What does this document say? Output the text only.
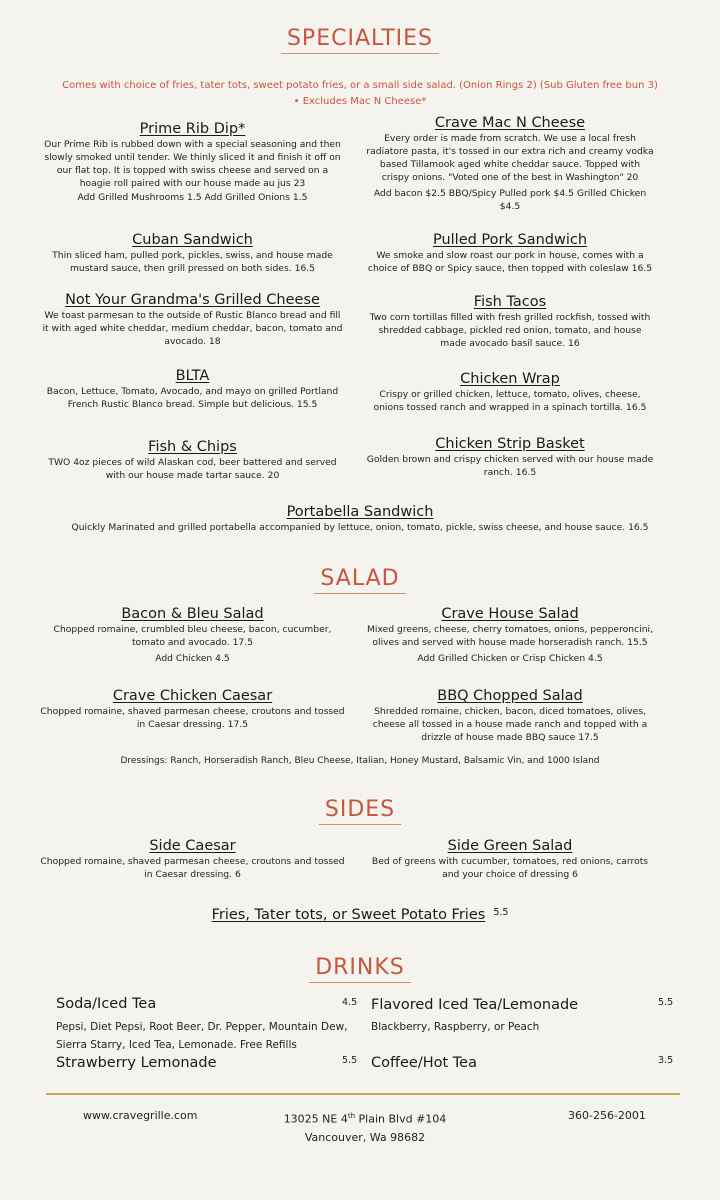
SPECIALTIES
Comes with choice of fries, tater tots, sweet potato fries, or a small side salad. (Onion Rings 2) (Sub Gluten free bun 3)
• Excludes Mac N Cheese*
Prime Rib Dip*

Our Prime Rib is rubbed down with a special seasoning and then slowly smoked until tender. We thinly sliced it and finish it off on our flat top. It is topped with swiss cheese and served on a hoagie roll paired with our house made au jus 23

Add Grilled Mushrooms 1.5 Add Grilled Onions 1.5

Crave Mac N Cheese

Every order is made from scratch. We use a local fresh radiatore pasta, it's tossed in our extra rich and creamy vodka based Tillamook aged white cheddar sauce. Topped with crispy onions. "Voted one of the best in Washington" 20

Add bacon $2.5 BBQ/Spicy Pulled pork $4.5 Grilled Chicken $4.5

Cuban Sandwich

Thin sliced ham, pulled pork, pickles, swiss, and house made mustard sauce, then grill pressed on both sides. 16.5

Pulled Pork Sandwich

We smoke and slow roast our pork in house, comes with a choice of BBQ or Spicy sauce, then topped with coleslaw 16.5

Not Your Grandma's Grilled Cheese

We toast parmesan to the outside of Rustic Blanco bread and fill it with aged white cheddar, medium cheddar, bacon, tomato and avocado. 18

Fish Tacos

Two corn tortillas filled with fresh grilled rockfish, tossed with shredded cabbage, pickled red onion, tomato, and house made avocado basil sauce. 16

BLTA

Bacon, Lettuce, Tomato, Avocado, and mayo on grilled Portland French Rustic Blanco bread. Simple but delicious. 15.5

Chicken Wrap

Crispy or grilled chicken, lettuce, tomato, olives, cheese, onions tossed ranch and wrapped in a spinach tortilla. 16.5

Fish & Chips

TWO 4oz pieces of wild Alaskan cod, beer battered and served with our house made tartar sauce. 20

Chicken Strip Basket

Golden brown and crispy chicken served with our house made ranch. 16.5

Portabella Sandwich

Quickly Marinated and grilled portabella accompanied by lettuce, onion, tomato, pickle, swiss cheese, and house sauce. 16.5

SALAD
Bacon & Bleu Salad

Chopped romaine, crumbled bleu cheese, bacon, cucumber, tomato and avocado. 17.5

Add Chicken 4.5

Crave House Salad

Mixed greens, cheese, cherry tomatoes, onions, pepperoncini, olives and served with house made horseradish ranch. 15.5

Add Grilled Chicken or Crisp Chicken 4.5

Crave Chicken Caesar

Chopped romaine, shaved parmesan cheese, croutons and tossed in Caesar dressing. 17.5

BBQ Chopped Salad

Shredded romaine, chicken, bacon, diced tomatoes, olives, cheese all tossed in a house made ranch and topped with a drizzle of house made BBQ sauce 17.5

Dressings: Ranch, Horseradish Ranch, Bleu Cheese, Italian, Honey Mustard, Balsamic Vin, and 1000 Island
SIDES
Side Caesar

Chopped romaine, shaved parmesan cheese, croutons and tossed in Caesar dressing. 6

Side Green Salad

Bed of greens with cucumber, tomatoes, red onions, carrots and your choice of dressing 6

Fries, Tater tots, or Sweet Potato Fries $^{5.5}$
DRINKS
Soda/Iced Tea	4.5
Pepsi, Diet Pepsi, Root Beer, Dr. Pepper, Mountain Dew, Sierra Starry, Iced Tea, Lemonade. Free Refills
Flavored Iced Tea/Lemonade	5.5
Blackberry, Raspberry, or Peach
Strawberry Lemonade	5.5 Coffee/Hot Tea	3.5
www.cravegrille.com	13025 NE 4th Plain Blvd #104
Vancouver, Wa 98682
360-256-2001
